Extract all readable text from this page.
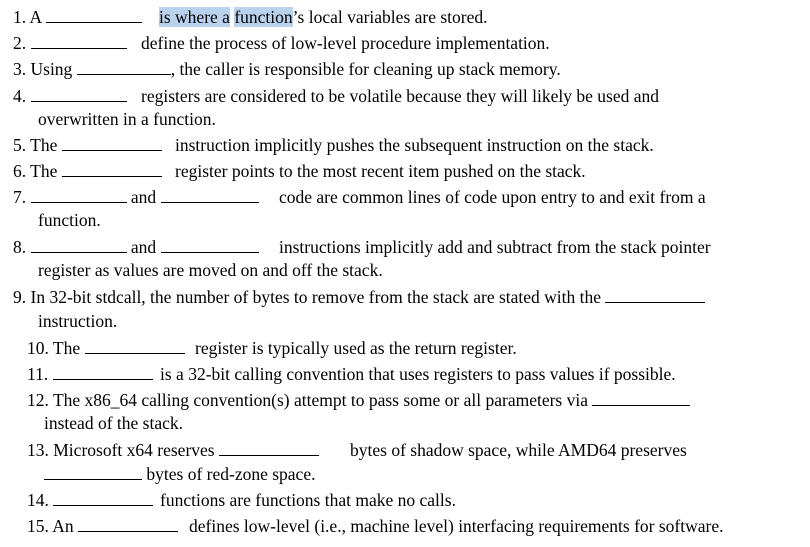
1. A	is where a function’s local variables are stored.
2.	define the process of low-level procedure implementation.
3. Using	, the caller is responsible for cleaning up stack memory.
4.	registers are considered to be volatile because they will likely be used and
overwritten in a function.
5. The	instruction implicitly pushes the subsequent instruction on the stack.
6. The	register points to the most recent item pushed on the stack.
7.	and	code are common lines of code upon entry to and exit from a
function.
8.	and	instructions implicitly add and subtract from the stack pointer
register as values are moved on and off the stack.
9. In 32-bit stdcall, the number of bytes to remove from the stack are stated with the
instruction.
10. The	register is typically used as the return register.
11.	is a 32-bit calling convention that uses registers to pass values if possible.
12. The x86_64 calling convention(s) attempt to pass some or all parameters via
instead of the stack.
13. Microsoft x64 reserves	bytes of shadow space, while AMD64 preserves
bytes of red-zone space.
14.	functions are functions that make no calls.
15. An	defines low-level (i.e., machine level) interfacing requirements for software.
